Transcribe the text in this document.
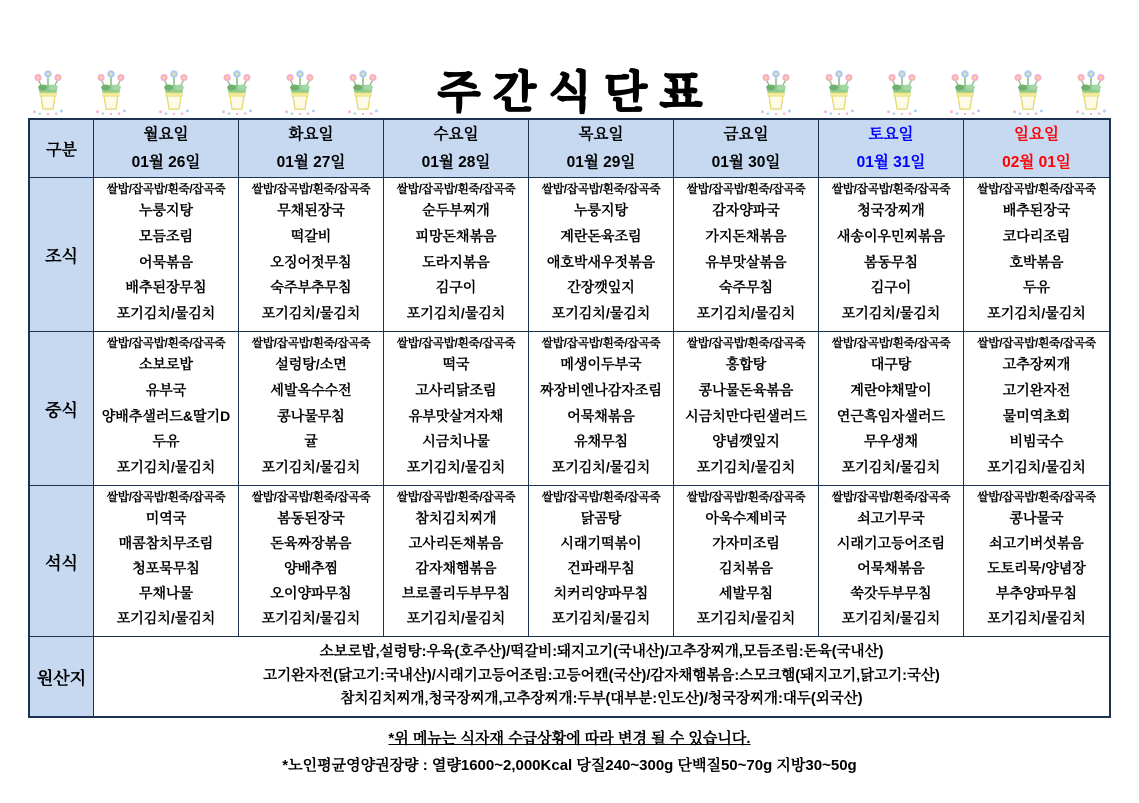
주간식단표
구분
월요일
01월 26일
화요일
01월 27일
수요일
01월 28일
목요일
01월 29일
금요일
01월 30일
토요일
01월 31일
일요일
02월 01일
조식
쌀밥/잡곡밥/흰죽/잡곡죽
누룽지탕
모듬조림
어묵볶음
배추된장무침
포기김치/물김치
쌀밥/잡곡밥/흰죽/잡곡죽
무채된장국
떡갈비
오징어젓무침
숙주부추무침
포기김치/물김치
쌀밥/잡곡밥/흰죽/잡곡죽
순두부찌개
피망돈채볶음
도라지볶음
김구이
포기김치/물김치
쌀밥/잡곡밥/흰죽/잡곡죽
누룽지탕
계란돈육조림
애호박새우젓볶음
간장깻잎지
포기김치/물김치
쌀밥/잡곡밥/흰죽/잡곡죽
감자양파국
가지돈채볶음
유부맛살볶음
숙주무침
포기김치/물김치
쌀밥/잡곡밥/흰죽/잡곡죽
청국장찌개
새송이우민찌볶음
봄동무침
김구이
포기김치/물김치
쌀밥/잡곡밥/흰죽/잡곡죽
배추된장국
코다리조림
호박볶음
두유
포기김치/물김치
중식
쌀밥/잡곡밥/흰죽/잡곡죽
소보로밥
유부국
양배추샐러드&딸기D
두유
포기김치/물김치
쌀밥/잡곡밥/흰죽/잡곡죽
설렁탕/소면
세발옥수수전
콩나물무침
귤
포기김치/물김치
쌀밥/잡곡밥/흰죽/잡곡죽
떡국
고사리닭조림
유부맛살겨자채
시금치나물
포기김치/물김치
쌀밥/잡곡밥/흰죽/잡곡죽
메생이두부국
짜장비엔나감자조림
어묵채볶음
유채무침
포기김치/물김치
쌀밥/잡곡밥/흰죽/잡곡죽
홍합탕
콩나물돈육볶음
시금치만다린샐러드
양념깻잎지
포기김치/물김치
쌀밥/잡곡밥/흰죽/잡곡죽
대구탕
계란야채말이
연근흑임자샐러드
무우생채
포기김치/물김치
쌀밥/잡곡밥/흰죽/잡곡죽
고추장찌개
고기완자전
물미역초회
비빔국수
포기김치/물김치
석식
쌀밥/잡곡밥/흰죽/잡곡죽
미역국
매콤참치무조림
청포묵무침
무채나물
포기김치/물김치
쌀밥/잡곡밥/흰죽/잡곡죽
봄동된장국
돈육짜장볶음
양배추찜
오이양파무침
포기김치/물김치
쌀밥/잡곡밥/흰죽/잡곡죽
참치김치찌개
고사리돈채볶음
감자채햄볶음
브로콜리두부무침
포기김치/물김치
쌀밥/잡곡밥/흰죽/잡곡죽
닭곰탕
시래기떡볶이
건파래무침
치커리양파무침
포기김치/물김치
쌀밥/잡곡밥/흰죽/잡곡죽
아욱수제비국
가자미조림
김치볶음
세발무침
포기김치/물김치
쌀밥/잡곡밥/흰죽/잡곡죽
쇠고기무국
시래기고등어조림
어묵채볶음
쑥갓두부무침
포기김치/물김치
쌀밥/잡곡밥/흰죽/잡곡죽
콩나물국
쇠고기버섯볶음
도토리묵/양념장
부추양파무침
포기김치/물김치
원산지
소보로밥,설렁탕:우육(호주산)/떡갈비:돼지고기(국내산)/고추장찌개,모듬조림:돈육(국내산)
고기완자전(닭고기:국내산)/시래기고등어조림:고등어캔(국산)/감자채햄볶음:스모크햄(돼지고기,닭고기:국산)
참치김치찌개,청국장찌개,고추장찌개:두부(대부분:인도산)/청국장찌개:대두(외국산)
*위 메뉴는 식자재 수급상황에 따라 변경 될 수 있습니다.
*노인평균영양권장량 : 열량1600~2,000Kcal 당질240~300g 단백질50~70g 지방30~50g
